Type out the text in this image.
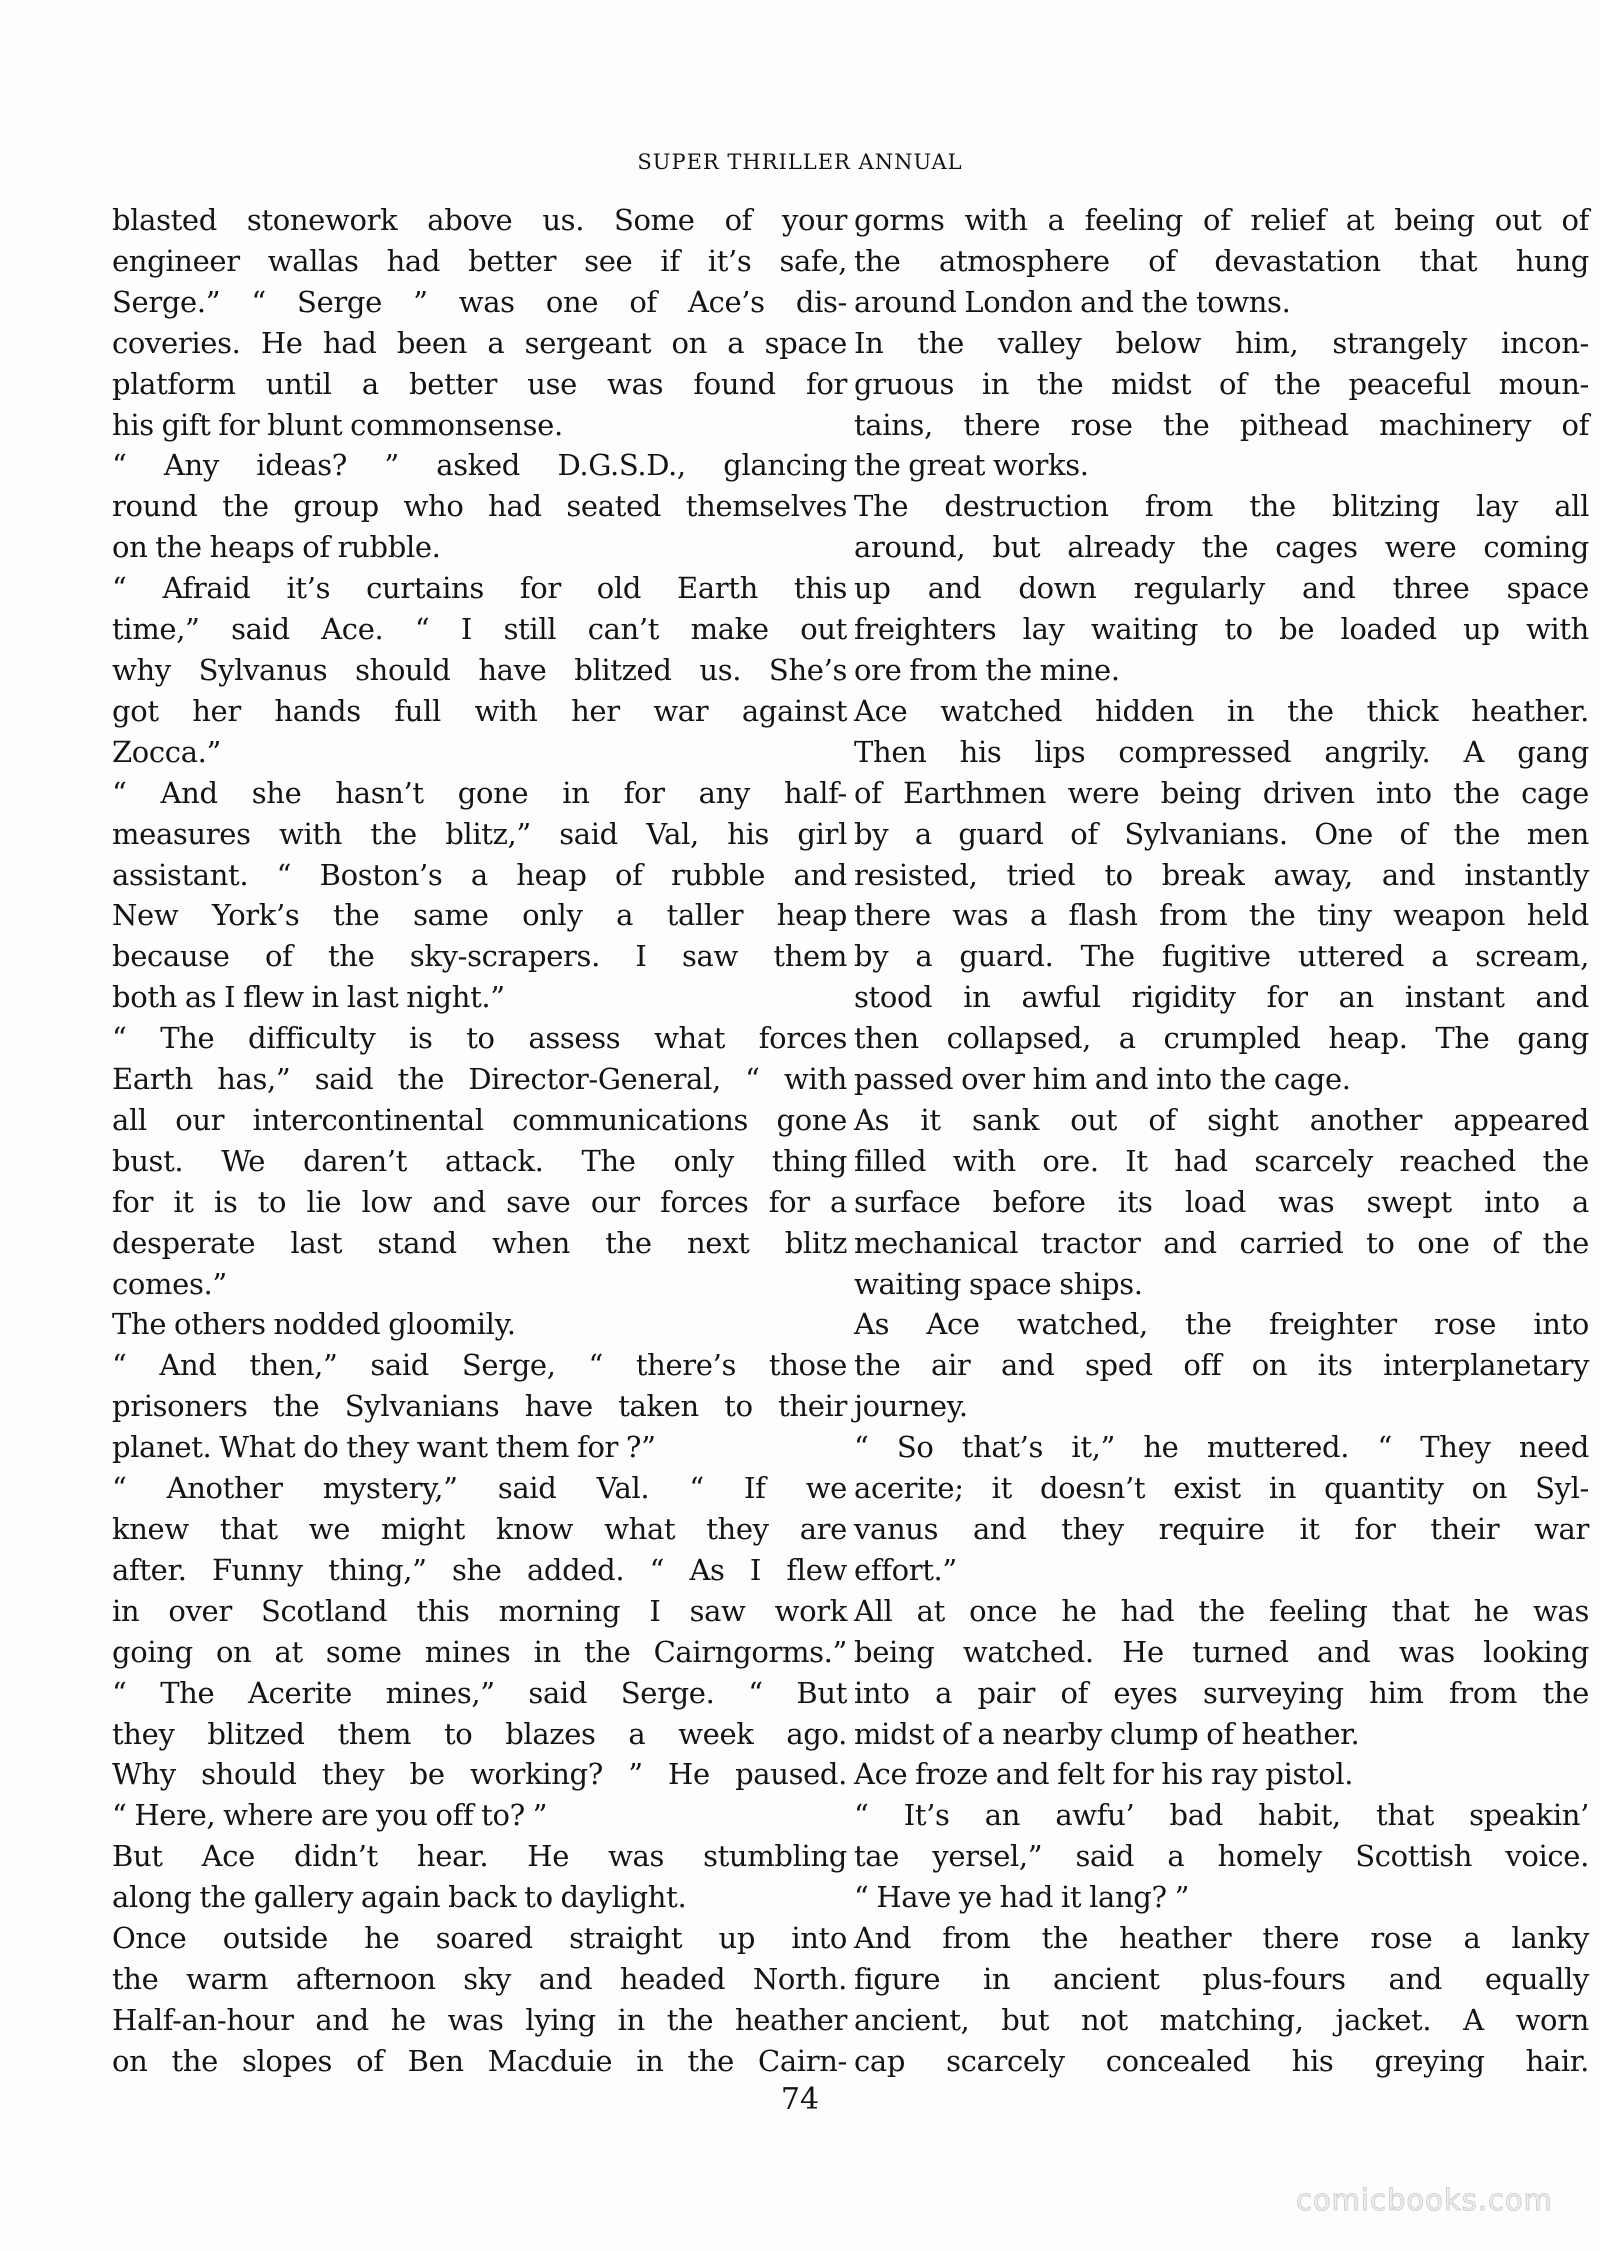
SUPER THRILLER ANNUAL

blasted stonework above us. Some of your

engineer wallas had better see if it’s safe,

Serge.” “ Serge ” was one of Ace’s dis-

coveries. He had been a sergeant on a space

platform until a better use was found for

his gift for blunt commonsense.

“ Any ideas? ” asked D.G.S.D., glancing

round the group who had seated themselves

on the heaps of rubble.

“ Afraid it’s curtains for old Earth this

time,” said Ace. “ I still can’t make out

why Sylvanus should have blitzed us. She’s

got her hands full with her war against

Zocca.”

“ And she hasn’t gone in for any half-

measures with the blitz,” said Val, his girl

assistant. “ Boston’s a heap of rubble and

New York’s the same only a taller heap

because of the sky-scrapers. I saw them

both as I flew in last night.”

“ The difficulty is to assess what forces

Earth has,” said the Director-General, “ with

all our intercontinental communications gone

bust. We daren’t attack. The only thing

for it is to lie low and save our forces for a

desperate last stand when the next blitz

comes.”

The others nodded gloomily.

“ And then,” said Serge, “ there’s those

prisoners the Sylvanians have taken to their

planet. What do they want them for ?”

“ Another mystery,” said Val. “ If we

knew that we might know what they are

after. Funny thing,” she added. “ As I flew

in over Scotland this morning I saw work

going on at some mines in the Cairngorms.”

“ The Acerite mines,” said Serge. “ But

they blitzed them to blazes a week ago.

Why should they be working? ” He paused.

“ Here, where are you off to? ”

But Ace didn’t hear. He was stumbling

along the gallery again back to daylight.

Once outside he soared straight up into

the warm afternoon sky and headed North.

Half-an-hour and he was lying in the heather

on the slopes of Ben Macduie in the Cairn-

gorms with a feeling of relief at being out of

the atmosphere of devastation that hung

around London and the towns.

In the valley below him, strangely incon-

gruous in the midst of the peaceful moun-

tains, there rose the pithead machinery of

the great works.

The destruction from the blitzing lay all

around, but already the cages were coming

up and down regularly and three space

freighters lay waiting to be loaded up with

ore from the mine.

Ace watched hidden in the thick heather.

Then his lips compressed angrily. A gang

of Earthmen were being driven into the cage

by a guard of Sylvanians. One of the men

resisted, tried to break away, and instantly

there was a flash from the tiny weapon held

by a guard. The fugitive uttered a scream,

stood in awful rigidity for an instant and

then collapsed, a crumpled heap. The gang

passed over him and into the cage.

As it sank out of sight another appeared

filled with ore. It had scarcely reached the

surface before its load was swept into a

mechanical tractor and carried to one of the

waiting space ships.

As Ace watched, the freighter rose into

the air and sped off on its interplanetary

journey.

“ So that’s it,” he muttered. “ They need

acerite; it doesn’t exist in quantity on Syl-

vanus and they require it for their war

effort.”

All at once he had the feeling that he was

being watched. He turned and was looking

into a pair of eyes surveying him from the

midst of a nearby clump of heather.

Ace froze and felt for his ray pistol.

“ It’s an awfu’ bad habit, that speakin’

tae yersel,” said a homely Scottish voice.

“ Have ye had it lang? ”

And from the heather there rose a lanky

figure in ancient plus-fours and equally

ancient, but not matching, jacket. A worn

cap scarcely concealed his greying hair.

74
comicbooks.com
